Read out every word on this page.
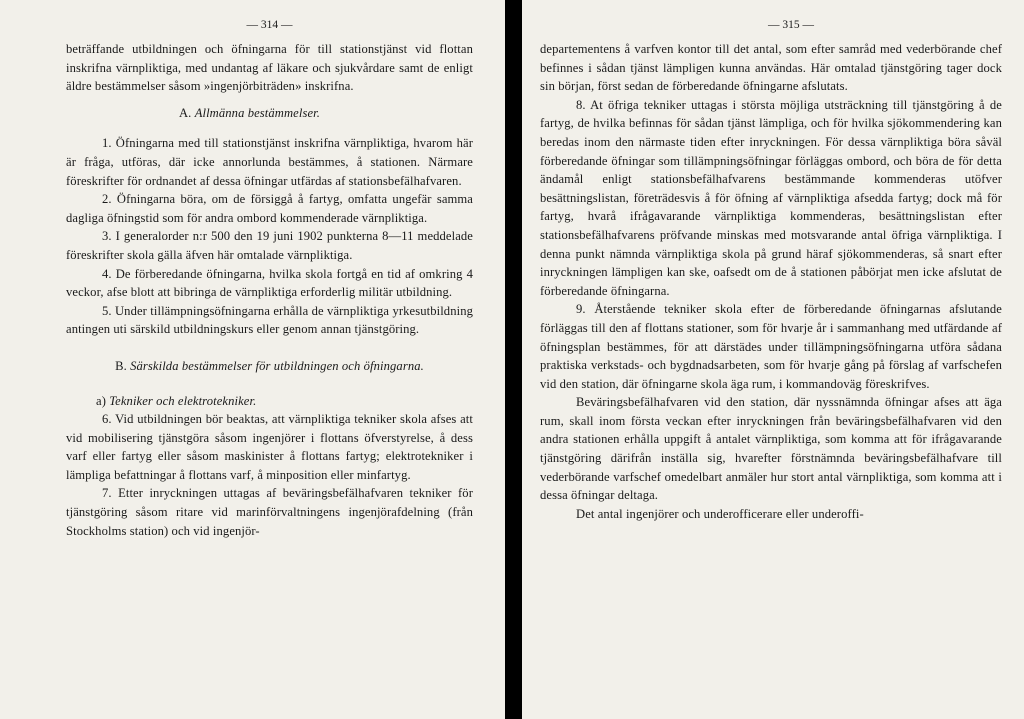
— 314 —

beträffande utbildningen och öfningarna för till stationstjänst vid flottan inskrifna värnpliktiga, med undantag af läkare och sjukvårdare samt de enligt äldre bestämmelser såsom »ingenjörbiträden» inskrifna.

A. Allmänna bestämmelser.

1. Öfningarna med till stationstjänst inskrifna värnpliktiga, hvarom här är fråga, utföras, där icke annorlunda bestämmes, å stationen. Närmare föreskrifter för ordnandet af dessa öfningar utfärdas af stationsbefälhafvaren.

2. Öfningarna böra, om de försiggå å fartyg, omfatta ungefär samma dagliga öfningstid som för andra ombord kommenderade värnpliktiga.

3. I generalorder n:r 500 den 19 juni 1902 punkterna 8—11 meddelade föreskrifter skola gälla äfven här omtalade värnpliktiga.

4. De förberedande öfningarna, hvilka skola fortgå en tid af omkring 4 veckor, afse blott att bibringa de värnpliktiga erforderlig militär utbildning.

5. Under tillämpningsöfningarna erhålla de värnpliktiga yrkesutbildning antingen uti särskild utbildningskurs eller genom annan tjänstgöring.

B. Särskilda bestämmelser för utbildningen och öfningarna.
a) Tekniker och elektrotekniker.

6. Vid utbildningen bör beaktas, att värnpliktiga tekniker skola afses att vid mobilisering tjänstgöra såsom ingenjörer i flottans öfverstyrelse, å dess varf eller fartyg eller såsom maskinister å flottans fartyg; elektrotekniker i lämpliga befattningar å flottans varf, å minposition eller minfartyg.

7. Etter inryckningen uttagas af beväringsbefälhafvaren tekniker för tjänstgöring såsom ritare vid marinförvaltningens ingenjörafdelning (från Stockholms station) och vid ingenjör-

— 315 —

departementens å varfven kontor till det antal, som efter samråd med vederbörande chef befinnes i sådan tjänst lämpligen kunna användas. Här omtalad tjänstgöring tager dock sin början, först sedan de förberedande öfningarne afslutats.

8. At öfriga tekniker uttagas i största möjliga utsträckning till tjänstgöring å de fartyg, de hvilka befinnas för sådan tjänst lämpliga, och för hvilka sjökommendering kan beredas inom den närmaste tiden efter inryckningen. För dessa värnpliktiga böra såväl förberedande öfningar som tillämpningsöfningar förläggas ombord, och böra de för detta ändamål enligt stationsbefälhafvarens bestämmande kommenderas utöfver besättningslistan, företrädesvis å för öfning af värnpliktiga afsedda fartyg; dock må för fartyg, hvarå ifrågavarande värnpliktiga kommenderas, besättningslistan efter stationsbefälhafvarens pröfvande minskas med motsvarande antal öfriga värnpliktiga. I denna punkt nämnda värnpliktiga skola på grund häraf sjökommenderas, så snart efter inryckningen lämpligen kan ske, oafsedt om de å stationen påbörjat men icke afslutat de förberedande öfningarna.

9. Återstående tekniker skola efter de förberedande öfningarnas afslutande förläggas till den af flottans stationer, som för hvarje år i sammanhang med utfärdande af öfningsplan bestämmes, för att därstädes under tillämpningsöfningarna utföra sådana praktiska verkstads- och bygdnadsarbeten, som för hvarje gång på förslag af varfschefen vid den station, där öfningarne skola äga rum, i kommandoväg föreskrifves.

Beväringsbefälhafvaren vid den station, där nyssnämnda öfningar afses att äga rum, skall inom första veckan efter inryckningen från beväringsbefälhafvaren vid den andra stationen erhålla uppgift å antalet värnpliktiga, som komma att för ifrågavarande tjänstgöring därifrån inställa sig, hvarefter förstnämnda beväringsbefälhafvare till vederbörande varfschef omedelbart anmäler hur stort antal värnpliktiga, som komma att i dessa öfningar deltaga.

Det antal ingenjörer och underofficerare eller underoffi-
